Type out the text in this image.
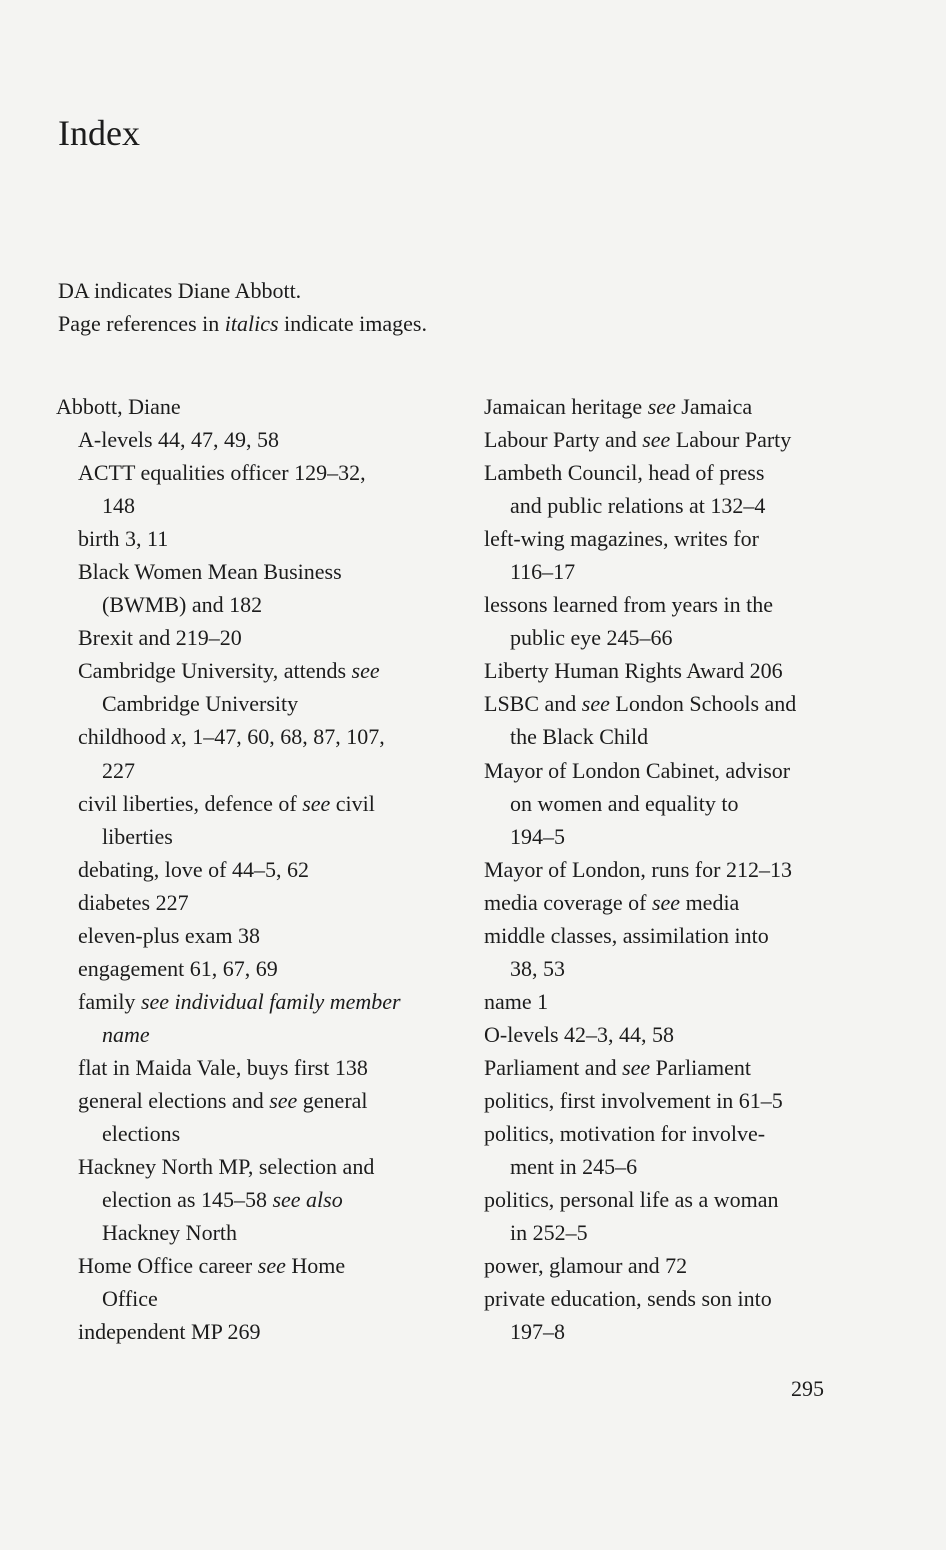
Index
DA indicates Diane Abbott.
Page references in italics indicate images.
Abbott, Diane
A-levels 44, 47, 49, 58
ACTT equalities officer 129–32,
148
birth 3, 11
Black Women Mean Business
(BWMB) and 182
Brexit and 219–20
Cambridge University, attends see
Cambridge University
childhood x, 1–47, 60, 68, 87, 107,
227
civil liberties, defence of see civil
liberties
debating, love of 44–5, 62
diabetes 227
eleven-plus exam 38
engagement 61, 67, 69
family see individual family member
name
flat in Maida Vale, buys first 138
general elections and see general
elections
Hackney North MP, selection and
election as 145–58 see also
Hackney North
Home Office career see Home
Office
independent MP 269
Jamaican heritage see Jamaica
Labour Party and see Labour Party
Lambeth Council, head of press
and public relations at 132–4
left-wing magazines, writes for
116–17
lessons learned from years in the
public eye 245–66
Liberty Human Rights Award 206
LSBC and see London Schools and
the Black Child
Mayor of London Cabinet, advisor
on women and equality to
194–5
Mayor of London, runs for 212–13
media coverage of see media
middle classes, assimilation into
38, 53
name 1
O-levels 42–3, 44, 58
Parliament and see Parliament
politics, first involvement in 61–5
politics, motivation for involve-
ment in 245–6
politics, personal life as a woman
in 252–5
power, glamour and 72
private education, sends son into
197–8
295
